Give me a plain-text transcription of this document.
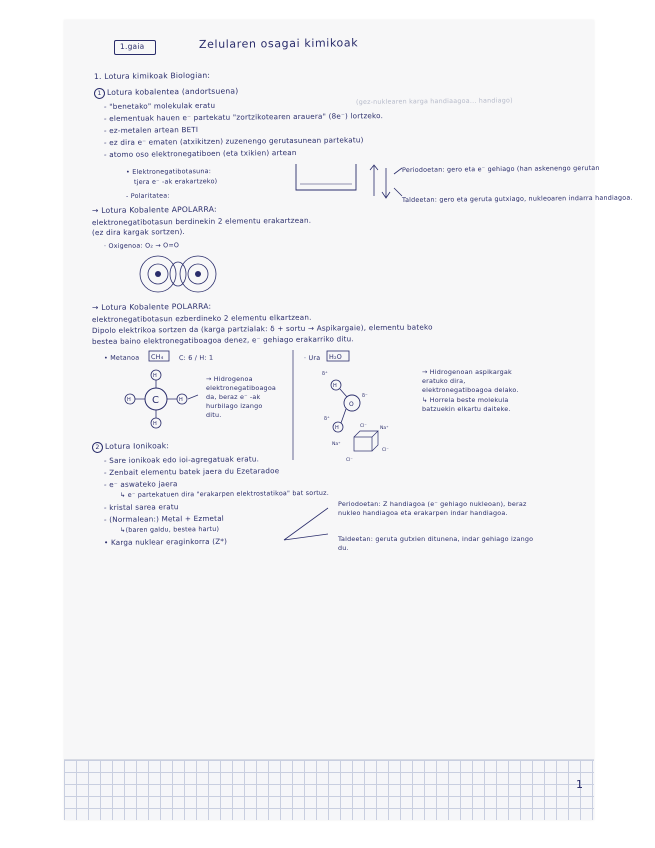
1.gaia	Zelularen osagai kimikoak
1. Lotura kimikoak Biologian:
(gez-nuklearen karga handiaagoa... handiago)
1 Lotura kobalentea (andortsuena)
- "benetako" molekulak eratu
- elementuak hauen e⁻ partekatu "zortzikotearen arauera" (8e⁻) lortzeko.
- ez-metalen artean BETI
- ez dira e⁻ ematen (atxikitzen) zuzenengo gerutasunean partekatu)
- atomo oso elektronegatiboen (eta txikien) artean
• Elektronegatibotasuna:
tjera e⁻ -ak erakartzeko)
- Polaritatea:
Periodoetan: gero eta e⁻ gehiago (han askenengo gerutan
Taldeetan: gero eta geruta gutxiago, nukleoaren indarra handiagoa.
→ Lotura Kobalente APOLARRA:
elektronegatibotasun berdinekin 2 elementu erakartzean.
(ez dira kargak sortzen).
· Oxigenoa: O₂ → O=O
→ Lotura Kobalente POLARRA:
elektronegatibotasun ezberdineko 2 elementu elkartzean.
Dipolo elektrikoa sortzen da (karga partzialak: ẟ + sortu → Aspikargaie), elementu bateko
bestea baino elektronegatiboagoa denez, e⁻ gehiago erakarriko ditu.
• Metanoa CH₄ C: 6 / H: 1
C
H
H
H	H
→ Hidrogenoa elektronegatiboagoa da, beraz e⁻ -ak hurbilago izango ditu.
· Ura H₂O
H
O
H
ẟ⁺
ẟ⁻
ẟ⁺
Na⁺
Na⁺
Cl⁻
Cl⁻
Cl⁻
→ Hidrogenoan aspikargak eratuko dira, elektronegatiboagoa delako.
↳ Horrela beste molekula batzuekin elkartu daiteke.
2 Lotura Ionikoak:
- Sare ionikoak edo ioi-agregatuak eratu.
- Zenbait elementu batek jaera du Ezetaradoe
- e⁻ aswateko jaera
↳ e⁻ partekatuen dira "erakarpen elektrostatikoa" bat sortuz.
- kristal sarea eratu
- (Normalean:) Metal + Ezmetal
↳(baren galdu, bestea hartu)
• Karga nuklear eraginkorra (Z*)
Periodoetan: Z handiagoa (e⁻ gehiago nukleoan), beraz nukleo handiagoa eta erakarpen indar handiagoa.
Taldeetan: geruta gutxien ditunena, indar gehiago izango du.
1
